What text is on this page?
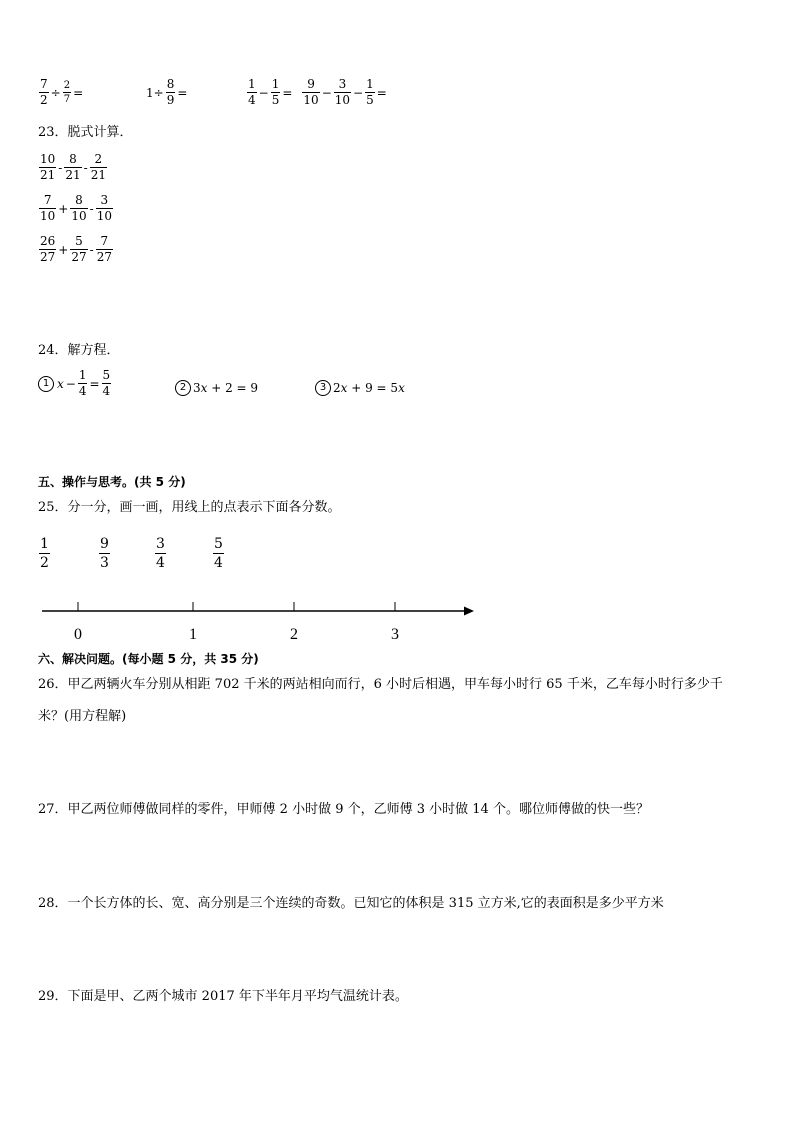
$\frac{7}{2} \div \frac{2}{7}$ =	$1\div \frac{8}{9}$ =	$\frac{1}{4} - \frac{1}{5} = \frac{9}{10} - \frac{3}{10} - \frac{1}{5}$ =
23．脱式计算．
$\frac{10}{21} - \frac{8}{21} - \frac{2}{21}$
$\frac{7}{10} + \frac{8}{10} - \frac{3}{10}$
$\frac{26}{27} + \frac{5}{27} - \frac{7}{27}$
24．解方程．
1 $x - \frac{1}{4} = \frac{5}{4}$	2 3 x + 2 = 9	3 2 x + 9 = 5 x
五、操作与思考。(共 5 分)
25．分一分，画一画，用线上的点表示下面各分数。
$\frac{1}{2}$	$\frac{9}{3}$	$\frac{3}{4}$	$\frac{5}{4}$
0	1	2	3
六、解决问题。(每小题 5 分，共 35 分)
26．甲乙两辆火车分别从相距 702 千米的两站相向而行，6 小时后相遇，甲车每小时行 65 千米，乙车每小时行多少千
米？(用方程解)
27．甲乙两位师傅做同样的零件，甲师傅 2 小时做 9 个，乙师傅 3 小时做 14 个。哪位师傅做的快一些？
28．一个长方体的长、宽、高分别是三个连续的奇数。已知它的体积是 315 立方米,它的表面积是多少平方米
29．下面是甲、乙两个城市 2017 年下半年月平均气温统计表。
